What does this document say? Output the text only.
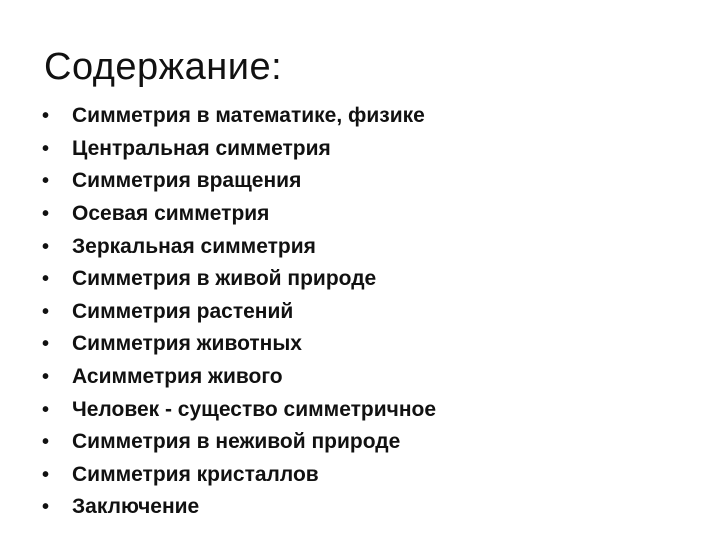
Содержание:
•	Симметрия в математике, физике
•	Центральная симметрия
•	Симметрия вращения
•	Осевая симметрия
•	Зеркальная симметрия
•	Симметрия в живой природе
•	Симметрия растений
•	Симметрия животных
•	Асимметрия живого
•	Человек - существо симметричное
•	Симметрия в неживой природе
•	Симметрия кристаллов
•	Заключение
